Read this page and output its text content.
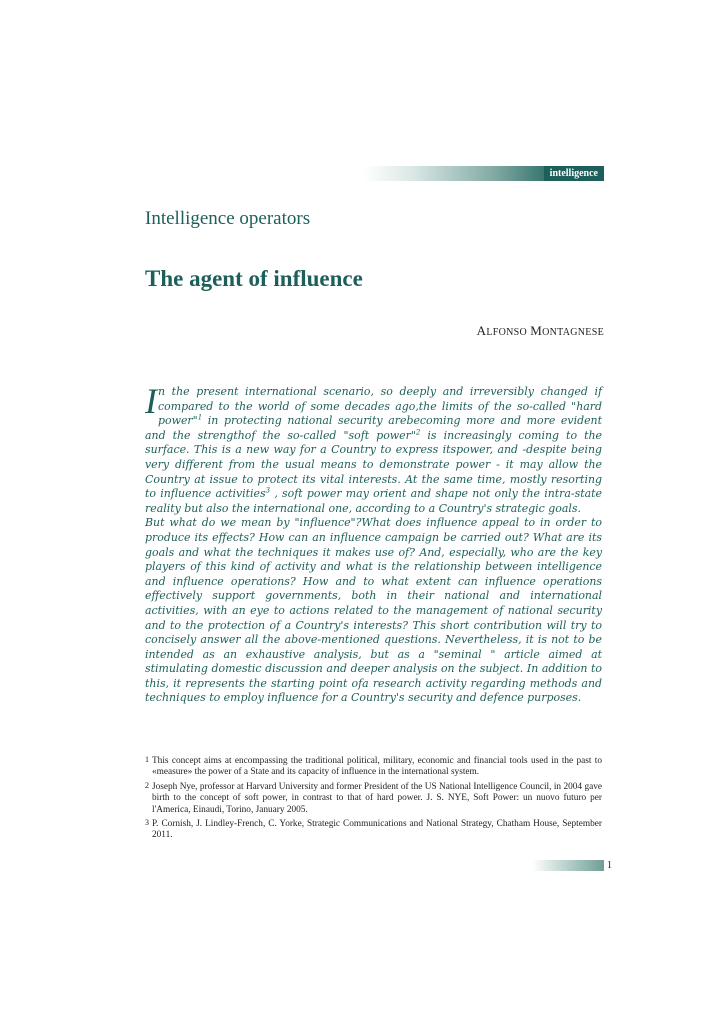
intelligence
Intelligence operators
The agent of influence
ALFONSO MONTAGNESE

In the present international scenario, so deeply and irreversibly changed if compared to the world of some decades ago,the limits of the so-called "hard power"$^1$ in protecting national security arebecoming more and more evident and the strengthof the so-called "soft power"$^2$ is increasingly coming to the surface. This is a new way for a Country to express itspower, and -despite being very different from the usual means to demonstrate power - it may allow the Country at issue to protect its vital interests. At the same time, mostly resorting to influence activities$^3$ , soft power may orient and shape not only the intra-state reality but also the international one, according to a Country's strategic goals.

But what do we mean by "influence"?What does influence appeal to in order to produce its effects? How can an influence campaign be carried out? What are its goals and what the techniques it makes use of? And, especially, who are the key players of this kind of activity and what is the relationship between intelligence and influence operations? How and to what extent can influence operations effectively support governments, both in their national and international activities, with an eye to actions related to the management of national security and to the protection of a Country's interests? This short contribution will try to concisely answer all the above-mentioned questions. Nevertheless, it is not to be intended as an exhaustive analysis, but as a "seminal " article aimed at stimulating domestic discussion and deeper analysis on the subject. In addition to this, it represents the starting point ofa research activity regarding methods and techniques to employ influence for a Country's security and defence purposes.

1 This concept aims at encompassing the traditional political, military, economic and financial tools used in the past to «measure» the power of a State and its capacity of influence in the international system.
2 Joseph Nye, professor at Harvard University and former President of the US National Intelligence Council, in 2004 gave birth to the concept of soft power, in contrast to that of hard power. J. S. NYE, Soft Power: un nuovo futuro per l'America, Einaudi, Torino, January 2005.
3 P. Cornish, J. Lindley-French, C. Yorke, Strategic Communications and National Strategy, Chatham House, September 2011.
1
